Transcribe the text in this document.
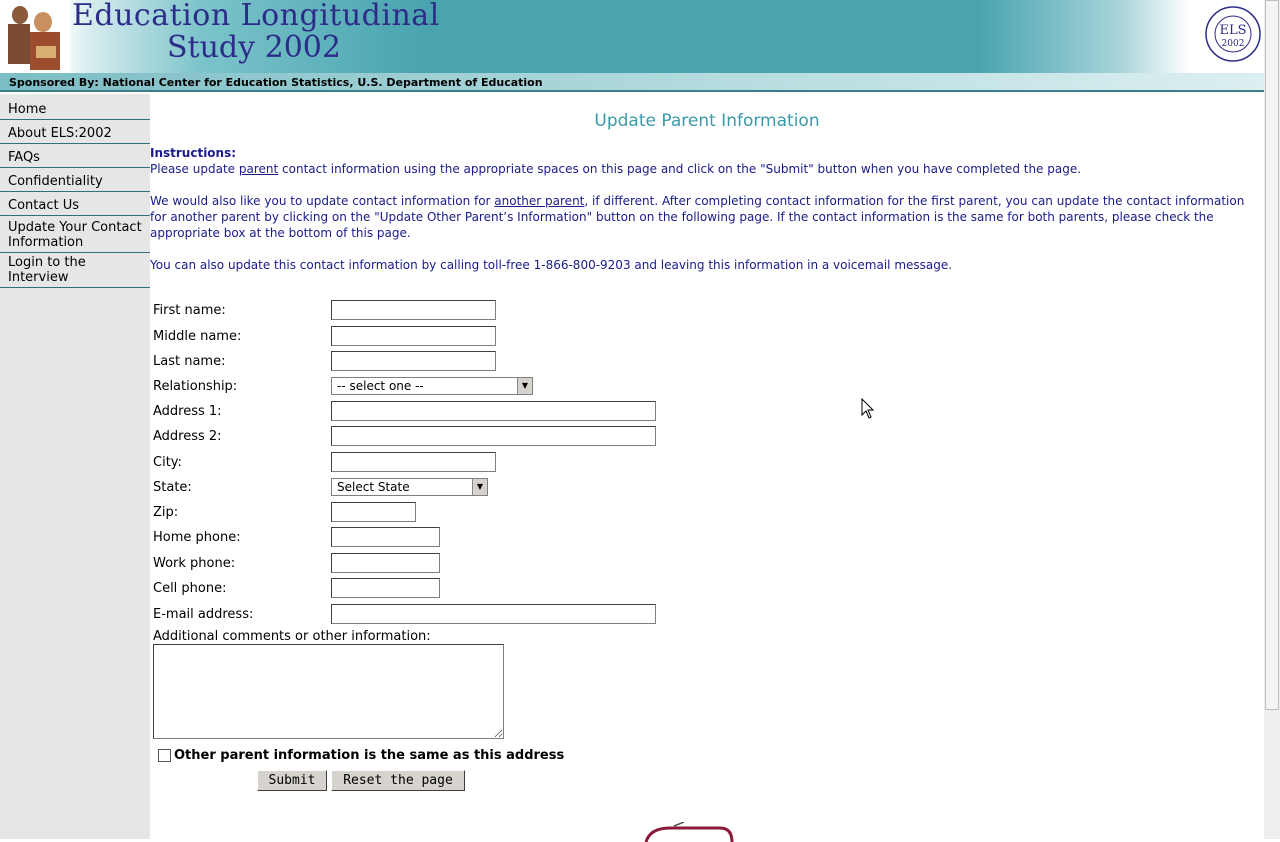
Education Longitudinal
Study 2002	ELS
2002
Sponsored By: National Center for Education Statistics, U.S. Department of Education
Home
About ELS:2002
FAQs
Confidentiality
Contact Us
Update Your Contact Information
Login to the Interview
Update Parent Information
Instructions:
Please update parent contact information using the appropriate spaces on this page and click on the "Submit" button when you have completed the page.
We would also like you to update contact information for another parent, if different. After completing contact information for the first parent, you can update the contact information for another parent by clicking on the "Update Other Parent’s Information" button on the following page. If the contact information is the same for both parents, please check the appropriate box at the bottom of this page.
You can also update this contact information by calling toll-free 1-866-800-9203 and leaving this information in a voicemail message.
First name:
Middle name:
Last name:
Relationship:	-- select one --	▼
Address 1:
Address 2:
City:
State:	Select State	▼
Zip:
Home phone:
Work phone:
Cell phone:
E-mail address:
Additional comments or other information:
Other parent information is the same as this address
Submit	Reset the page
